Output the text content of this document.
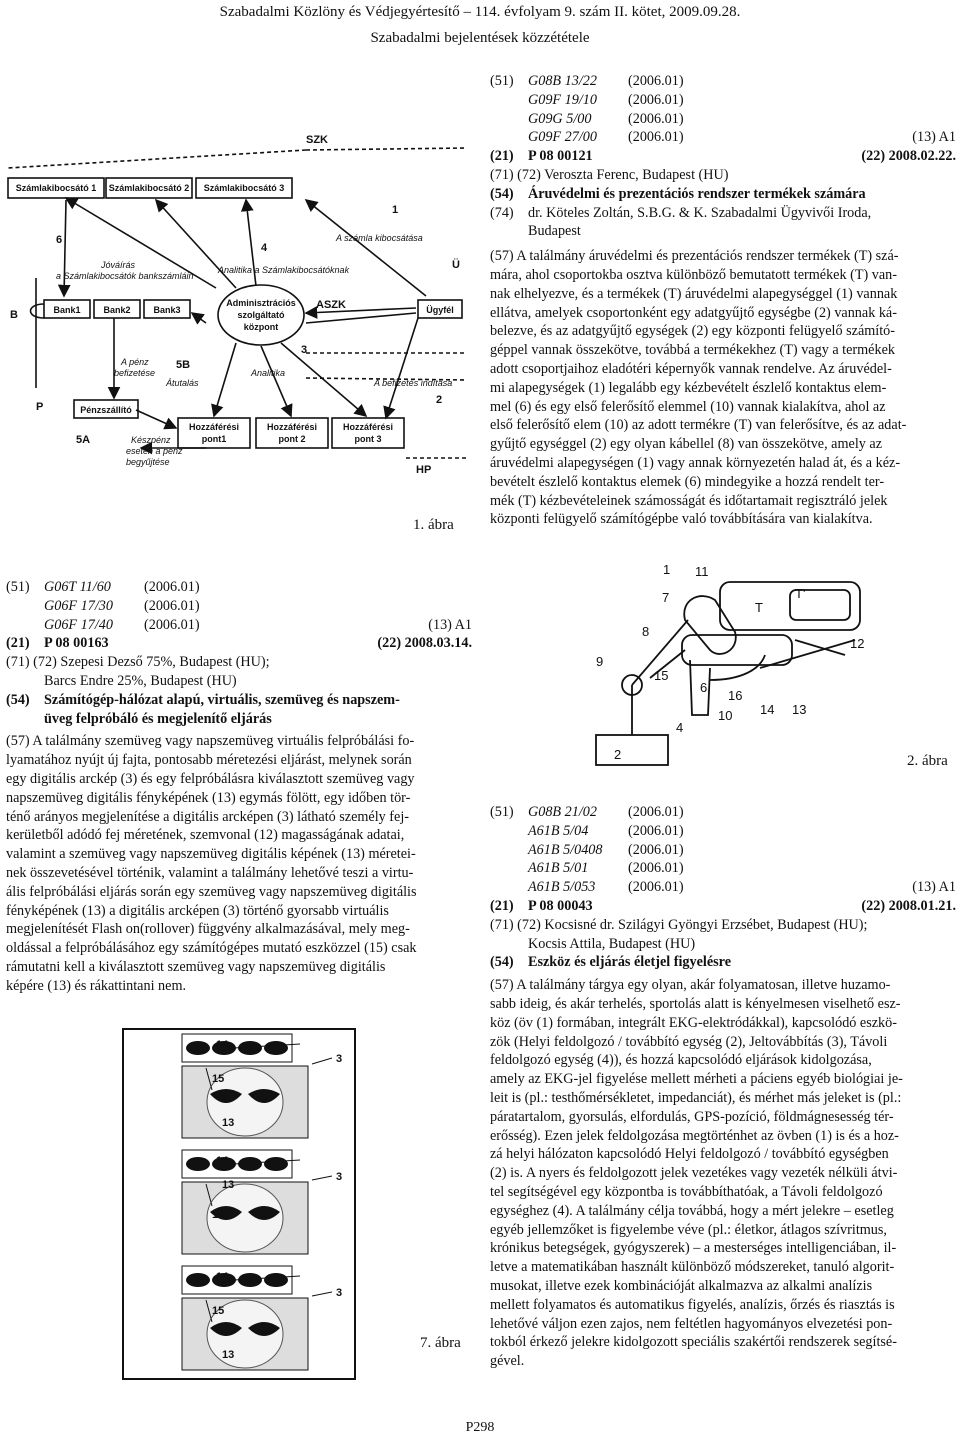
Szabadalmi Közlöny és Védjegyértesítő – 114. évfolyam 9. szám II. kötet, 2009.09.28.
Szabadalmi bejelentések közzététele
SZK
ASZK
HP
Ü
B
P
1
2
3
4
5A
5B
6
Számlakibocsátó 1 Számlakibocsátó 2 Számlakibocsátó 3
Bank1	Bank2	Bank3
Pénzszállító
Ügyfél
Adminisztrációs
szolgáltató
központ
Hozzáférési
pont1
Hozzáférési
pont 2
Hozzáférési
pont 3
A számla kibocsátása
Jóváírás
a Számlakibocsátók bankszámláin
Analitika a Számlakibocsátóknak
A befizetés indítása
Átutalás
A pénz
befizetése	Analitika
Készpénz
esetén a pénz
begyűjtése
1. ábra
(51)	G08B 13/22	(2006.01)
G09F 19/10	(2006.01)
G09G 5/00	(2006.01)
G09F 27/00 (2006.01)	(13) A1
(21) P 08 00121	(22) 2008.02.22.
(71) (72) Veroszta Ferenc, Budapest (HU)
(54) Áruvédelmi és prezentációs rendszer termékek számára
(74) dr. Köteles Zoltán, S.B.G. & K. Szabadalmi Ügyvivői Iroda,
Budapest
(57) A találmány áruvédelmi és prezentációs rendszer termékek (T) szá-
mára, ahol csoportokba osztva különböző bemutatott termékek (T) van-
nak elhelyezve, és a termékek (T) áruvédelmi alapegységgel (1) vannak
ellátva, amelyek csoportonként egy adatgyűjtő egységbe (2) vannak ká-
belezve, és az adatgyűjtő egységek (2) egy központi felügyelő számító-
géppel vannak összekötve, továbbá a termékekhez (T) vagy a termékek
adott csoportjaihoz eladótéri képernyők vannak rendelve. Az áruvédel-
mi alapegységek (1) legalább egy kézbevételt észlelő kontaktus elem-
mel (6) és egy első felerősítő elemmel (10) vannak kialakítva, ahol az
első felerősítő elem (10) az adott termékre (T) van felerősítve, és az adat-
gyűjtő egységgel (2) egy olyan kábellel (8) van összekötve, amely az
áruvédelmi alapegységen (1) vagy annak környezetén halad át, és a kéz-
bevételt észlelő kontaktus elemek (6) mindegyike a hozzá rendelt ter-
mék (T) kézbevételeinek számosságát és időtartamait regisztráló jelek
központi felügyelő számítógépbe való továbbítására van kialakítva.
(51)	G06T 11/60	(2006.01)
G06F 17/30	(2006.01)
G06F 17/40 (2006.01)	(13) A1
(21) P 08 00163	(22) 2008.03.14.
(71) (72) Szepesi Dezső 75%, Budapest (HU);
Barcs Endre 25%, Budapest (HU)
(54) Számítógép-hálózat alapú, virtuális, szemüveg és napszem-
üveg felpróbáló és megjelenítő eljárás
(57) A találmány szemüveg vagy napszemüveg virtuális felpróbálási fo-
lyamatához nyújt új fajta, pontosabb méretezési eljárást, melynek során
egy digitális arckép (3) és egy felpróbálásra kiválasztott szemüveg vagy
napszemüveg digitális fényképének (13) egymás fölött, egy időben tör-
ténő arányos megjelenítése a digitális arcképen (3) látható személy fej-
kerületből adódó fej méretének, szemvonal (12) magasságának adatai,
valamint a szemüveg vagy napszemüveg digitális képének (13) méretei-
nek összevetésével történik, valamint a találmány lehetővé teszi a virtu-
ális felpróbálási eljárás során egy szemüveg vagy napszemüveg digitális
fényképének (13) a digitális arcképen (3) történő gyorsabb virtuális
megjelenítését Flash on(rollover) függvény alkalmazásával, mely meg-
oldással a felpróbálásához egy számítógépes mutató eszközzel (15) csak
rámutatni kell a kiválasztott szemüveg vagy napszemüveg digitális
képére (13) és rákattintani nem.
1 11
7
T
T'
8
12
9
15
6
16
14 13
10
4
2	2. ábra
(51)	G08B 21/02	(2006.01)
A61B 5/04	(2006.01)
A61B 5/0408	(2006.01)
A61B 5/01	(2006.01)
A61B 5/053 (2006.01)	(13) A1
(21) P 08 00043	(22) 2008.01.21.
(71) (72) Kocsisné dr. Szilágyi Gyöngyi Erzsébet, Budapest (HU);
Kocsis Attila, Budapest (HU)
(54) Eszköz és eljárás életjel figyelésre
(57) A találmány tárgya egy olyan, akár folyamatosan, illetve huzamo-
sabb ideig, és akár terhelés, sportolás alatt is kényelmesen viselhető esz-
köz (öv (1) formában, integrált EKG-elektródákkal), kapcsolódó eszkö-
zök (Helyi feldolgozó / továbbító egység (2), Jeltovábbítás (3), Távoli
feldolgozó egység (4)), és hozzá kapcsolódó eljárások kidolgozása,
amely az EKG-jel figyelése mellett mérheti a páciens egyéb biológiai je-
leit is (pl.: testhőmérsékletet, impedanciát), és mérhet más jeleket is (pl.:
páratartalom, gyorsulás, elfordulás, GPS-pozíció, földmágnesesség tér-
erősség). Ezen jelek feldolgozása megtörténhet az övben (1) is és a hoz-
zá helyi hálózaton kapcsolódó Helyi feldolgozó / továbbító egységben
(2) is. A nyers és feldolgozott jelek vezetékes vagy vezeték nélküli átvi-
tel segítségével egy központba is továbbíthatóak, a Távoli feldolgozó
egységhez (4). A találmány célja továbbá, hogy a mért jelekre – esetleg
egyéb jellemzőket is figyelembe véve (pl.: életkor, átlagos szívritmus,
krónikus betegségek, gyógyszerek) – a mesterséges intelligenciában, il-
letve a matematikában használt különböző módszereket, tanuló algorit-
musokat, illetve ezek kombinációját alkalmazva az alkalmi analízis
mellett folyamatos és automatikus figyelés, analízis, őrzés és riasztás is
lehetővé váljon ezen zajos, nem feltétlen hagyományos elvezetési pon-
tokból érkező jelekre kidolgozott speciális szakértői rendszerek segítsé-
gével.
14
3
15
13
14
3
13
15
14
3
15
13
7. ábra
P298
